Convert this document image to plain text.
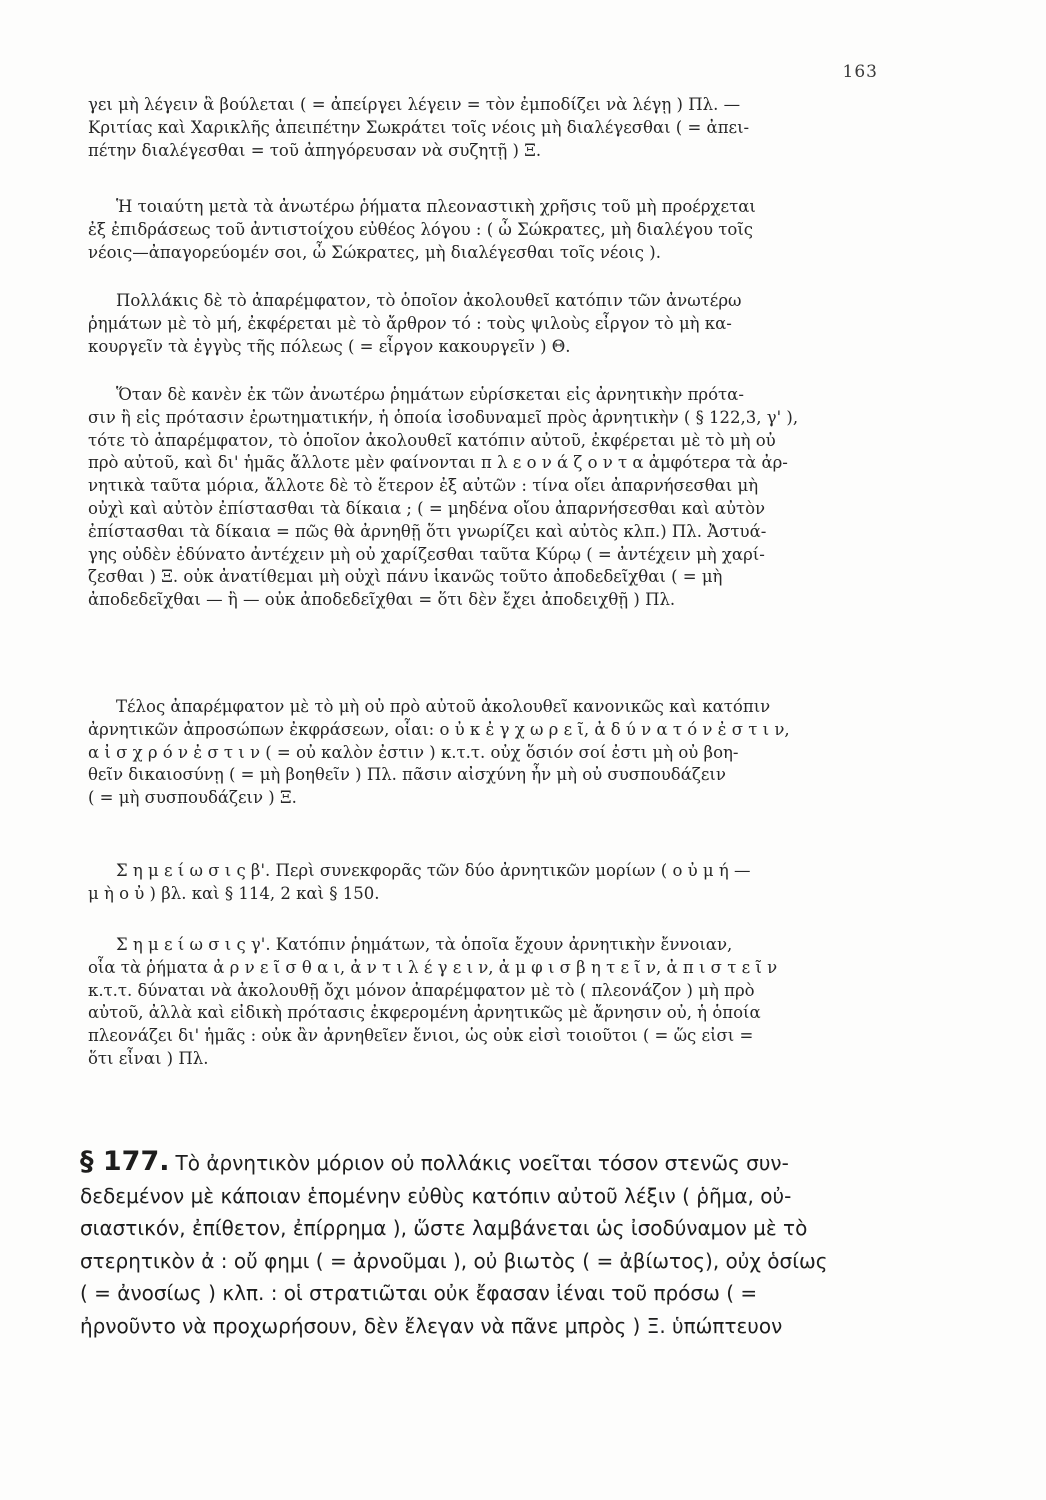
163

γει μὴ λέγειν ἃ βούλεται ( = ἀπείργει λέγειν = τὸν ἐμποδίζει νὰ λέγῃ ) Πλ. —

Κριτίας καὶ Χαρικλῆς ἀπειπέτην Σωκράτει τοῖς νέοις μὴ διαλέγεσθαι ( = ἀπει-

πέτην διαλέγεσθαι = τοῦ ἀπηγόρευσαν νὰ συζητῇ ) Ξ.

Ἡ τοιαύτη μετὰ τὰ ἀνωτέρω ῥήματα πλεοναστικὴ χρῆσις τοῦ μὴ προέρχεται

ἐξ ἐπιδράσεως τοῦ ἀντιστοίχου εὐθέος λόγου : ( ὦ Σώκρατες, μὴ διαλέγου τοῖς

νέοις—ἀπαγορεύομέν σοι, ὦ Σώκρατες, μὴ διαλέγεσθαι τοῖς νέοις ).

Πολλάκις δὲ τὸ ἀπαρέμφατον, τὸ ὁποῖον ἀκολουθεῖ κατόπιν τῶν ἀνωτέρω

ῥημάτων μὲ τὸ μή, ἐκφέρεται μὲ τὸ ἄρθρον τό : τοὺς ψιλοὺς εἶργον τὸ μὴ κα-

κουργεῖν τὰ ἐγγὺς τῆς πόλεως ( = εἶργον κακουργεῖν ) Θ.

Ὅταν δὲ κανὲν ἐκ τῶν ἀνωτέρω ῥημάτων εὑρίσκεται εἰς ἀρνητικὴν πρότα-

σιν ἢ εἰς πρότασιν ἐρωτηματικήν, ἡ ὁποία ἰσοδυναμεῖ πρὸς ἀρνητικὴν ( § 122,3, γ' ),

τότε τὸ ἀπαρέμφατον, τὸ ὁποῖον ἀκολουθεῖ κατόπιν αὐτοῦ, ἐκφέρεται μὲ τὸ μὴ οὐ

πρὸ αὐτοῦ, καὶ δι' ἡμᾶς ἄλλοτε μὲν φαίνονται π λ ε ο ν ά ζ ο ν τ α ἀμφότερα τὰ ἀρ-

νητικὰ ταῦτα μόρια, ἄλλοτε δὲ τὸ ἕτερον ἐξ αὐτῶν : τίνα οἴει ἀπαρνήσεσθαι μὴ

οὐχὶ καὶ αὐτὸν ἐπίστασθαι τὰ δίκαια ; ( = μηδένα οἴου ἀπαρνήσεσθαι καὶ αὐτὸν

ἐπίστασθαι τὰ δίκαια = πῶς θὰ ἀρνηθῇ ὅτι γνωρίζει καὶ αὐτὸς κλπ.) Πλ. Ἀστυά-

γης οὐδὲν ἐδύνατο ἀντέχειν μὴ οὐ χαρίζεσθαι ταῦτα Κύρῳ ( = ἀντέχειν μὴ χαρί-

ζεσθαι ) Ξ. οὐκ ἀνατίθεμαι μὴ οὐχὶ πάνυ ἱκανῶς τοῦτο ἀποδεδεῖχθαι ( = μὴ

ἀποδεδεῖχθαι — ἢ — οὐκ ἀποδεδεῖχθαι = ὅτι δὲν ἔχει ἀποδειχθῇ ) Πλ.

Τέλος ἀπαρέμφατον μὲ τὸ μὴ οὐ πρὸ αὐτοῦ ἀκολουθεῖ κανονικῶς καὶ κατόπιν

ἀρνητικῶν ἀπροσώπων ἐκφράσεων, οἷαι: ο ὐ κ ἐ γ χ ω ρ ε ῖ, ἀ δ ύ ν α τ ό ν ἐ σ τ ι ν,

α ἰ σ χ ρ ό ν ἐ σ τ ι ν ( = οὐ καλὸν ἐστιν ) κ.τ.τ. οὐχ ὅσιόν σοί ἐστι μὴ οὐ βοη-

θεῖν δικαιοσύνῃ ( = μὴ βοηθεῖν ) Πλ. πᾶσιν αἰσχύνη ἦν μὴ οὐ συσπουδάζειν

( = μὴ συσπουδάζειν ) Ξ.

Σ η μ ε ί ω σ ι ς β'. Περὶ συνεκφορᾶς τῶν δύο ἀρνητικῶν μορίων ( ο ὐ μ ή —

μ ὴ ο ὐ ) βλ. καὶ § 114, 2 καὶ § 150.

Σ η μ ε ί ω σ ι ς γ'. Κατόπιν ῥημάτων, τὰ ὁποῖα ἔχουν ἀρνητικὴν ἔννοιαν,

οἷα τὰ ῥήματα ἀ ρ ν ε ῖ σ θ α ι, ἀ ν τ ι λ έ γ ε ι ν, ἀ μ φ ι σ β η τ ε ῖ ν, ἀ π ι σ τ ε ῖ ν

κ.τ.τ. δύναται νὰ ἀκολουθῇ ὄχι μόνον ἀπαρέμφατον μὲ τὸ ( πλεονάζον ) μὴ πρὸ

αὐτοῦ, ἀλλὰ καὶ εἰδικὴ πρότασις ἐκφερομένη ἀρνητικῶς μὲ ἄρνησιν οὐ, ἡ ὁποία

πλεονάζει δι' ἡμᾶς : οὐκ ἂν ἀρνηθεῖεν ἔνιοι, ὡς οὐκ εἰσὶ τοιοῦτοι ( = ὥς εἰσι =

ὅτι εἶναι ) Πλ.

§ 177. Τὸ ἀρνητικὸν μόριον οὐ πολλάκις νοεῖται τόσον στενῶς συν-

δεδεμένον μὲ κάποιαν ἑπομένην εὐθὺς κατόπιν αὐτοῦ λέξιν ( ῥῆμα, οὐ-

σιαστικόν, ἐπίθετον, ἐπίρρημα ), ὥστε λαμβάνεται ὡς ἰσοδύναμον μὲ τὸ

στερητικὸν ἀ : οὔ φημι ( = ἀρνοῦμαι ), οὐ βιωτὸς ( = ἀβίωτος), οὐχ ὁσίως

( = ἀνοσίως ) κλπ. : οἱ στρατιῶται οὐκ ἔφασαν ἰέναι τοῦ πρόσω ( =

ἠρνοῦντο νὰ προχωρήσουν, δὲν ἔλεγαν νὰ πᾶνε μπρὸς ) Ξ. ὑπώπτευον
